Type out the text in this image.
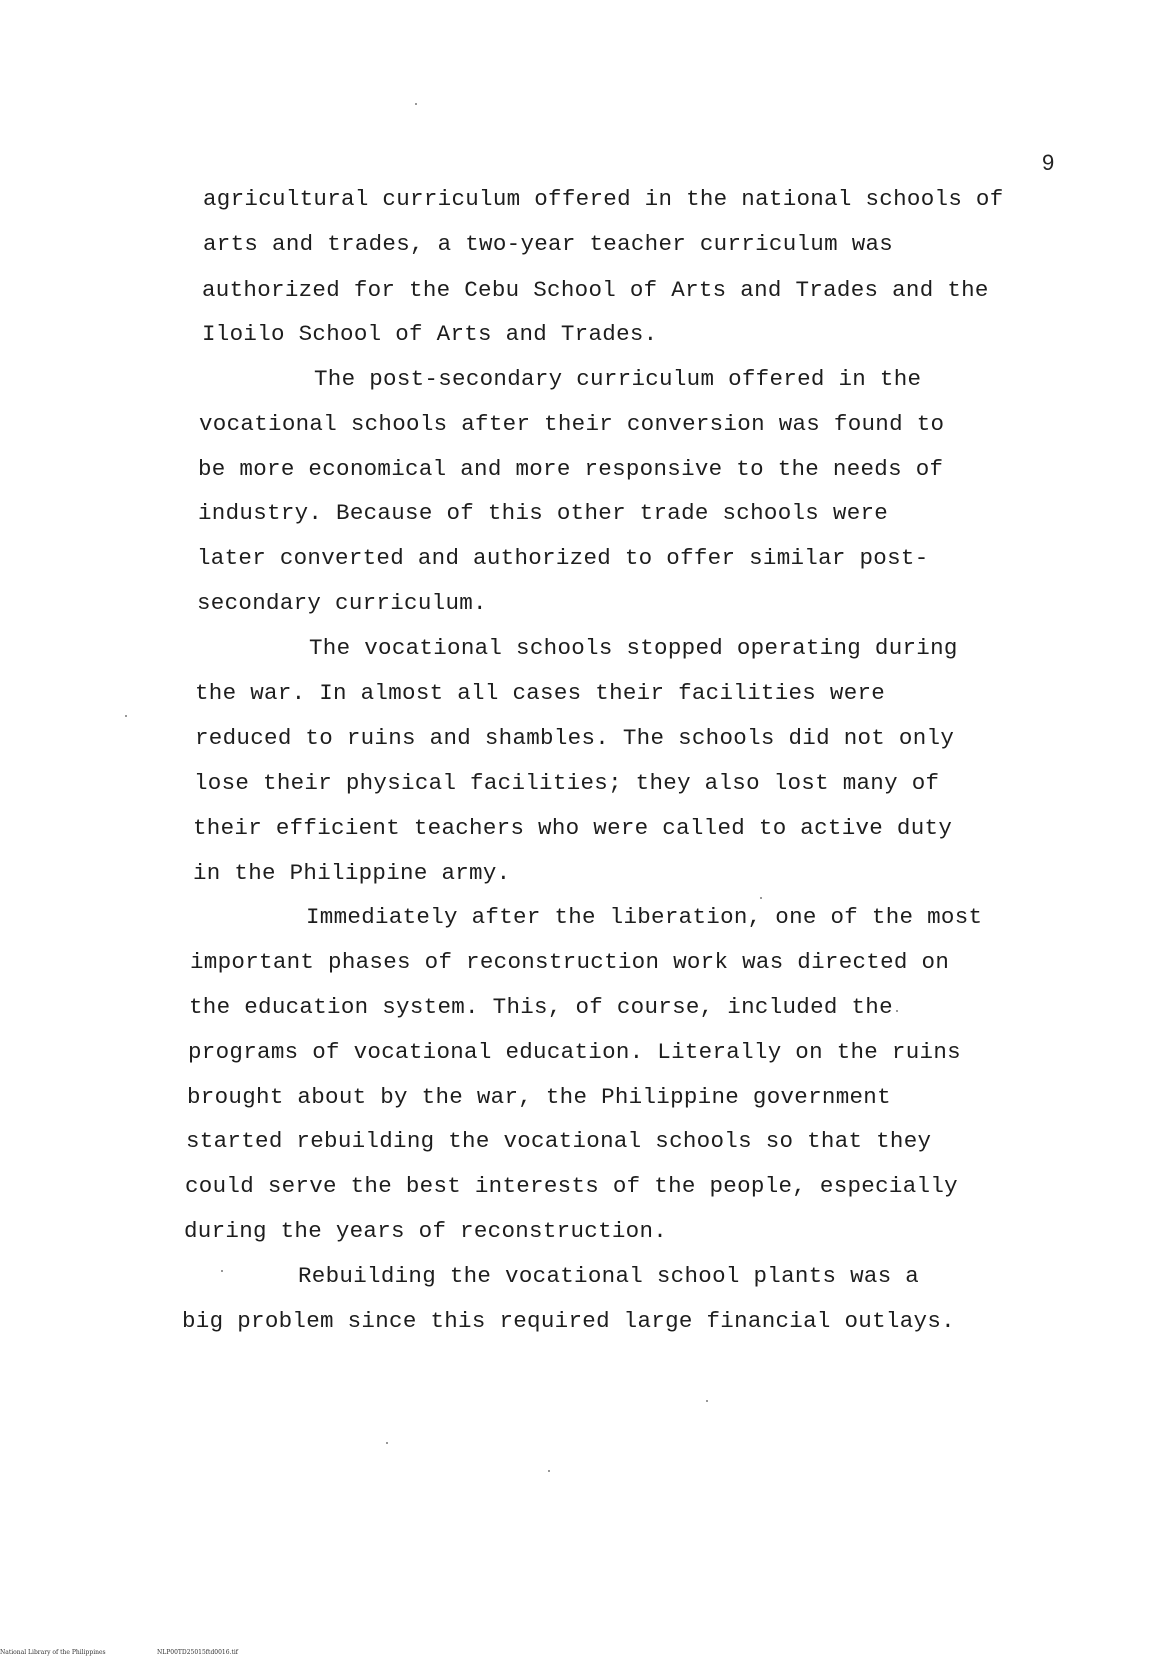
9
agricultural curriculum offered in the national schools of
arts and trades, a two-year teacher curriculum was
authorized for the Cebu School of Arts and Trades and the
Iloilo School of Arts and Trades.
The post-secondary curriculum offered in the
vocational schools after their conversion was found to
be more economical and more responsive to the needs of
industry. Because of this other trade schools were
later converted and authorized to offer similar post-
secondary curriculum.
The vocational schools stopped operating during
the war. In almost all cases their facilities were
reduced to ruins and shambles. The schools did not only
lose their physical facilities; they also lost many of
their efficient teachers who were called to active duty
in the Philippine army.
Immediately after the liberation, one of the most
important phases of reconstruction work was directed on
the education system. This, of course, included the
programs of vocational education. Literally on the ruins
brought about by the war, the Philippine government
started rebuilding the vocational schools so that they
could serve the best interests of the people, especially
during the years of reconstruction.
Rebuilding the vocational school plants was a
big problem since this required large financial outlays.
National Library of the Philippines	NLP00TD25015ftd0016.tif
